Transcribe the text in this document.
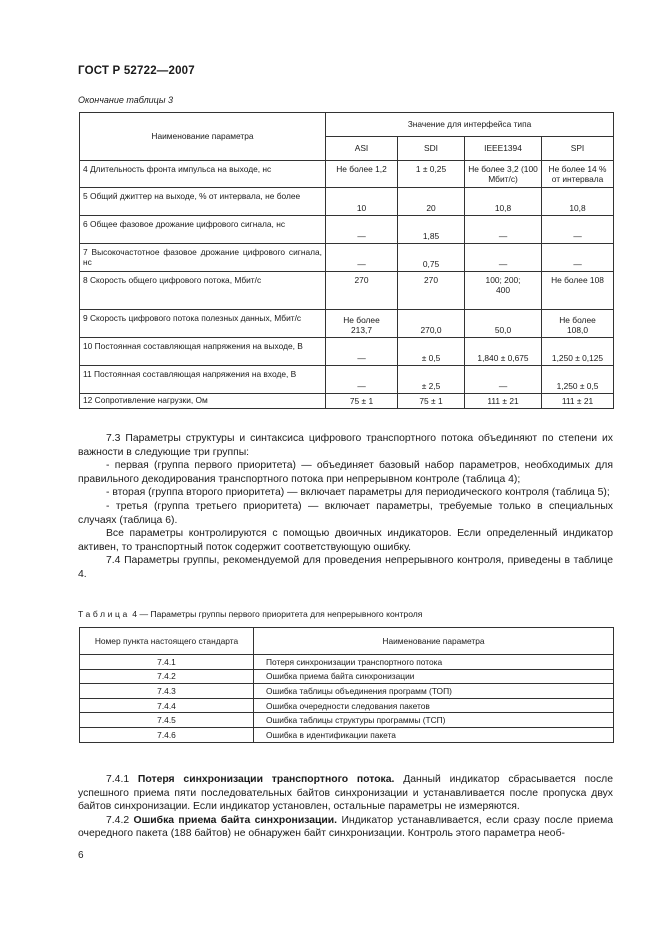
ГОСТ Р 52722—2007
Окончание таблицы 3
Наименование параметра	Значение для интерфейса типа			
	ASI	SDI	IEEE1394	SPI
4 Длительность фронта импульса на выходе, нс	Не более 1,2	1 ± 0,25	Не более 3,2 (100 Мбит/с)	Не более 14 % от интервала
5 Общий джиттер на выходе, % от интервала, не более	10	20	10,8	10,8
6 Общее фазовое дрожание цифрового сигнала, нс	—	1,85	—	—
7 Высокочастотное фазовое дрожание цифрового сигнала, нс	—	0,75	—	—
8 Скорость общего цифрового потока, Мбит/с	270	270	100; 200; 400	Не более 108
9 Скорость цифрового потока полезных данных, Мбит/с	Не более 213,7	270,0	50,0	Не более 108,0
10 Постоянная составляющая напряжения на выходе, В	—	± 0,5	1,840 ± 0,675	1,250 ± 0,125
11 Постоянная составляющая напряжения на входе, В	—	± 2,5	—	1,250 ± 0,5
12 Сопротивление нагрузки, Ом	75 ± 1	75 ± 1	111 ± 21	111 ± 21

7.3 Параметры структуры и синтаксиса цифрового транспортного потока объединяют по степени их важности в следующие три группы:

- первая (группа первого приоритета) — объединяет базовый набор параметров, необходимых для правильного декодирования транспортного потока при непрерывном контроле (таблица 4);

- вторая (группа второго приоритета) — включает параметры для периодического контроля (таблица 5);

- третья (группа третьего приоритета) — включает параметры, требуемые только в специальных случаях (таблица 6).

Все параметры контролируются с помощью двоичных индикаторов. Если определенный индикатор активен, то транспортный поток содержит соответствующую ошибку.

7.4 Параметры группы, рекомендуемой для проведения непрерывного контроля, приведены в таблице 4.

Таблица 4 — Параметры группы первого приоритета для непрерывного контроля
Номер пункта настоящего стандарта	Наименование параметра
7.4.1	Потеря синхронизации транспортного потока
7.4.2	Ошибка приема байта синхронизации
7.4.3	Ошибка таблицы объединения программ (ТОП)
7.4.4	Ошибка очередности следования пакетов
7.4.5	Ошибка таблицы структуры программы (ТСП)
7.4.6	Ошибка в идентификации пакета

7.4.1 Потеря синхронизации транспортного потока. Данный индикатор сбрасывается после успешного приема пяти последовательных байтов синхронизации и устанавливается после пропуска двух байтов синхронизации. Если индикатор установлен, остальные параметры не измеряются.

7.4.2 Ошибка приема байта синхронизации. Индикатор устанавливается, если сразу после приема очередного пакета (188 байтов) не обнаружен байт синхронизации. Контроль этого параметра необ-

6
